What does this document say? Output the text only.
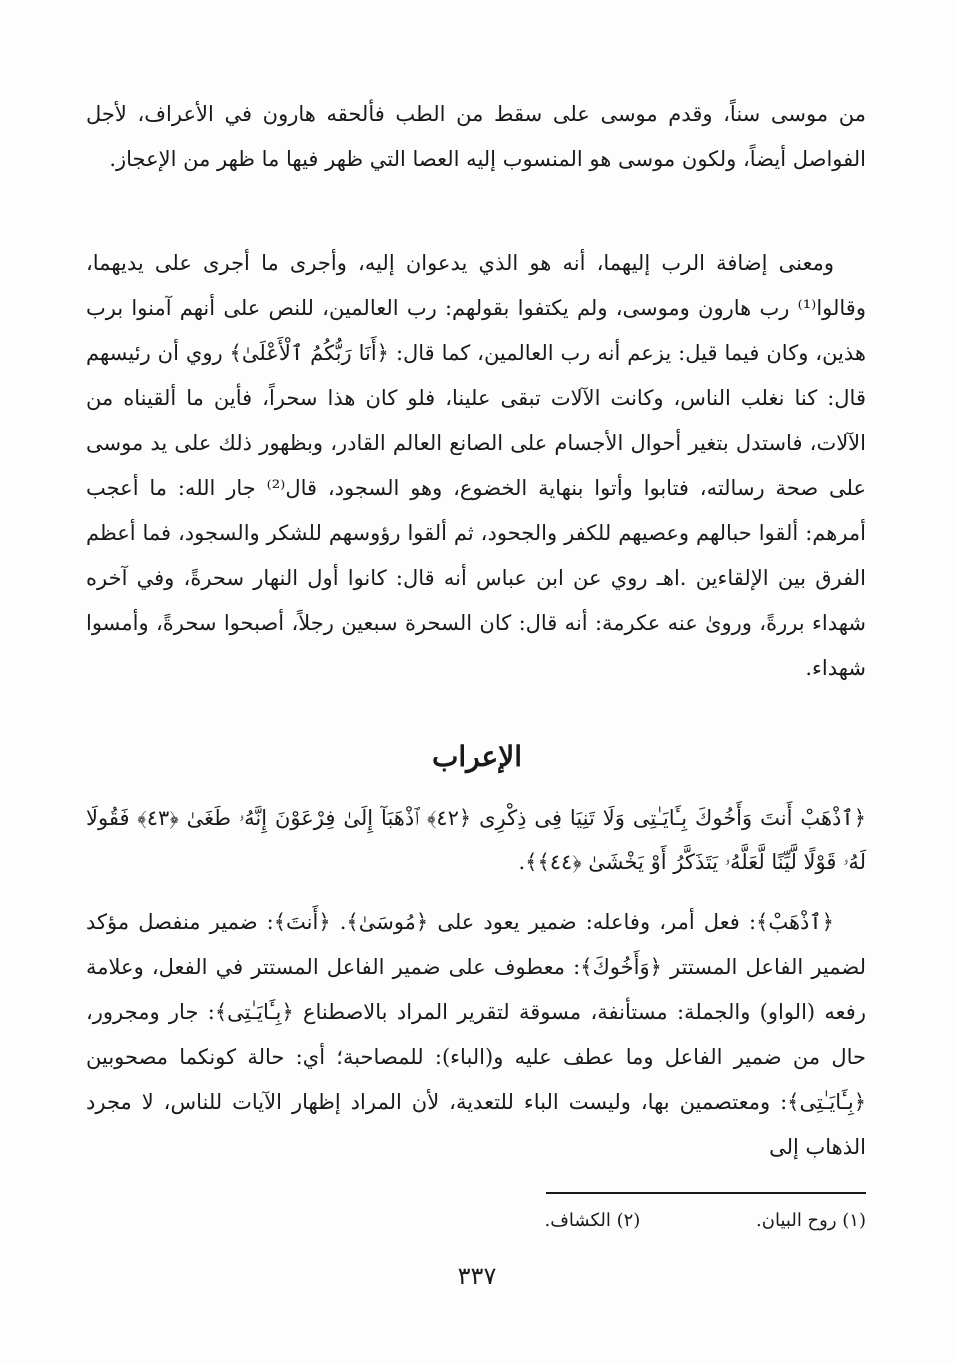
من موسى سناً، وقدم موسى على سقط من الطب فألحقه هارون في الأعراف، لأجل الفواصل أيضاً، ولكون موسى هو المنسوب إليه العصا التي ظهر فيها ما ظهر من الإعجاز.

ومعنى إضافة الرب إليهما، أنه هو الذي يدعوان إليه، وأجرى ما أجرى على يديهما، وقالوا⁽¹⁾ رب هارون وموسى، ولم يكتفوا بقولهم: رب العالمين، للنص على أنهم آمنوا برب هذين، وكان فيما قيل: يزعم أنه رب العالمين، كما قال: ﴿أَنَا رَبُّكُمُ ٱلْأَعْلَىٰ﴾ روي أن رئيسهم قال: كنا نغلب الناس، وكانت الآلات تبقى علينا، فلو كان هذا سحراً، فأين ما ألقيناه من الآلات، فاستدل بتغير أحوال الأجسام على الصانع العالم القادر، وبظهور ذلك على يد موسى على صحة رسالته، فتابوا وأتوا بنهاية الخضوع، وهو السجود، قال⁽²⁾ جار الله: ما أعجب أمرهم: ألقوا حبالهم وعصيهم للكفر والجحود، ثم ألقوا رؤوسهم للشكر والسجود، فما أعظم الفرق بين الإلقاءين .اهـ روي عن ابن عباس أنه قال: كانوا أول النهار سحرةً، وفي آخره شهداء بررةً، وروىٰ عنه عكرمة: أنه قال: كان السحرة سبعين رجلاً، أصبحوا سحرةً، وأمسوا شهداء.

الإعراب

﴿ٱذْهَبْ أَنتَ وَأَخُوكَ بِـَٔايَـٰتِى وَلَا تَنِيَا فِى ذِكْرِى ﴿٤٢﴾ ٱذْهَبَآ إِلَىٰ فِرْعَوْنَ إِنَّهُۥ طَغَىٰ ﴿٤٣﴾ فَقُولَا لَهُۥ قَوْلًا لَّيِّنًا لَّعَلَّهُۥ يَتَذَكَّرُ أَوْ يَخْشَىٰ ﴿٤٤﴾﴾.

﴿ٱذْهَبْ﴾: فعل أمر، وفاعله: ضمير يعود على ﴿مُوسَىٰ﴾. ﴿أَنتَ﴾: ضمير منفصل مؤكد لضمير الفاعل المستتر ﴿وَأَخُوكَ﴾: معطوف على ضمير الفاعل المستتر في الفعل، وعلامة رفعه (الواو) والجملة: مستأنفة، مسوقة لتقرير المراد بالاصطناع ﴿بِـَٔايَـٰتِى﴾: جار ومجرور، حال من ضمير الفاعل وما عطف عليه و(الباء): للمصاحبة؛ أي: حالة كونكما مصحوبين ﴿بِـَٔايَـٰتِى﴾: ومعتصمين بها، وليست الباء للتعدية، لأن المراد إظهار الآيات للناس، لا مجرد الذهاب إلى

(١) روح البيان. (٢) الكشاف.
٣٣٧
